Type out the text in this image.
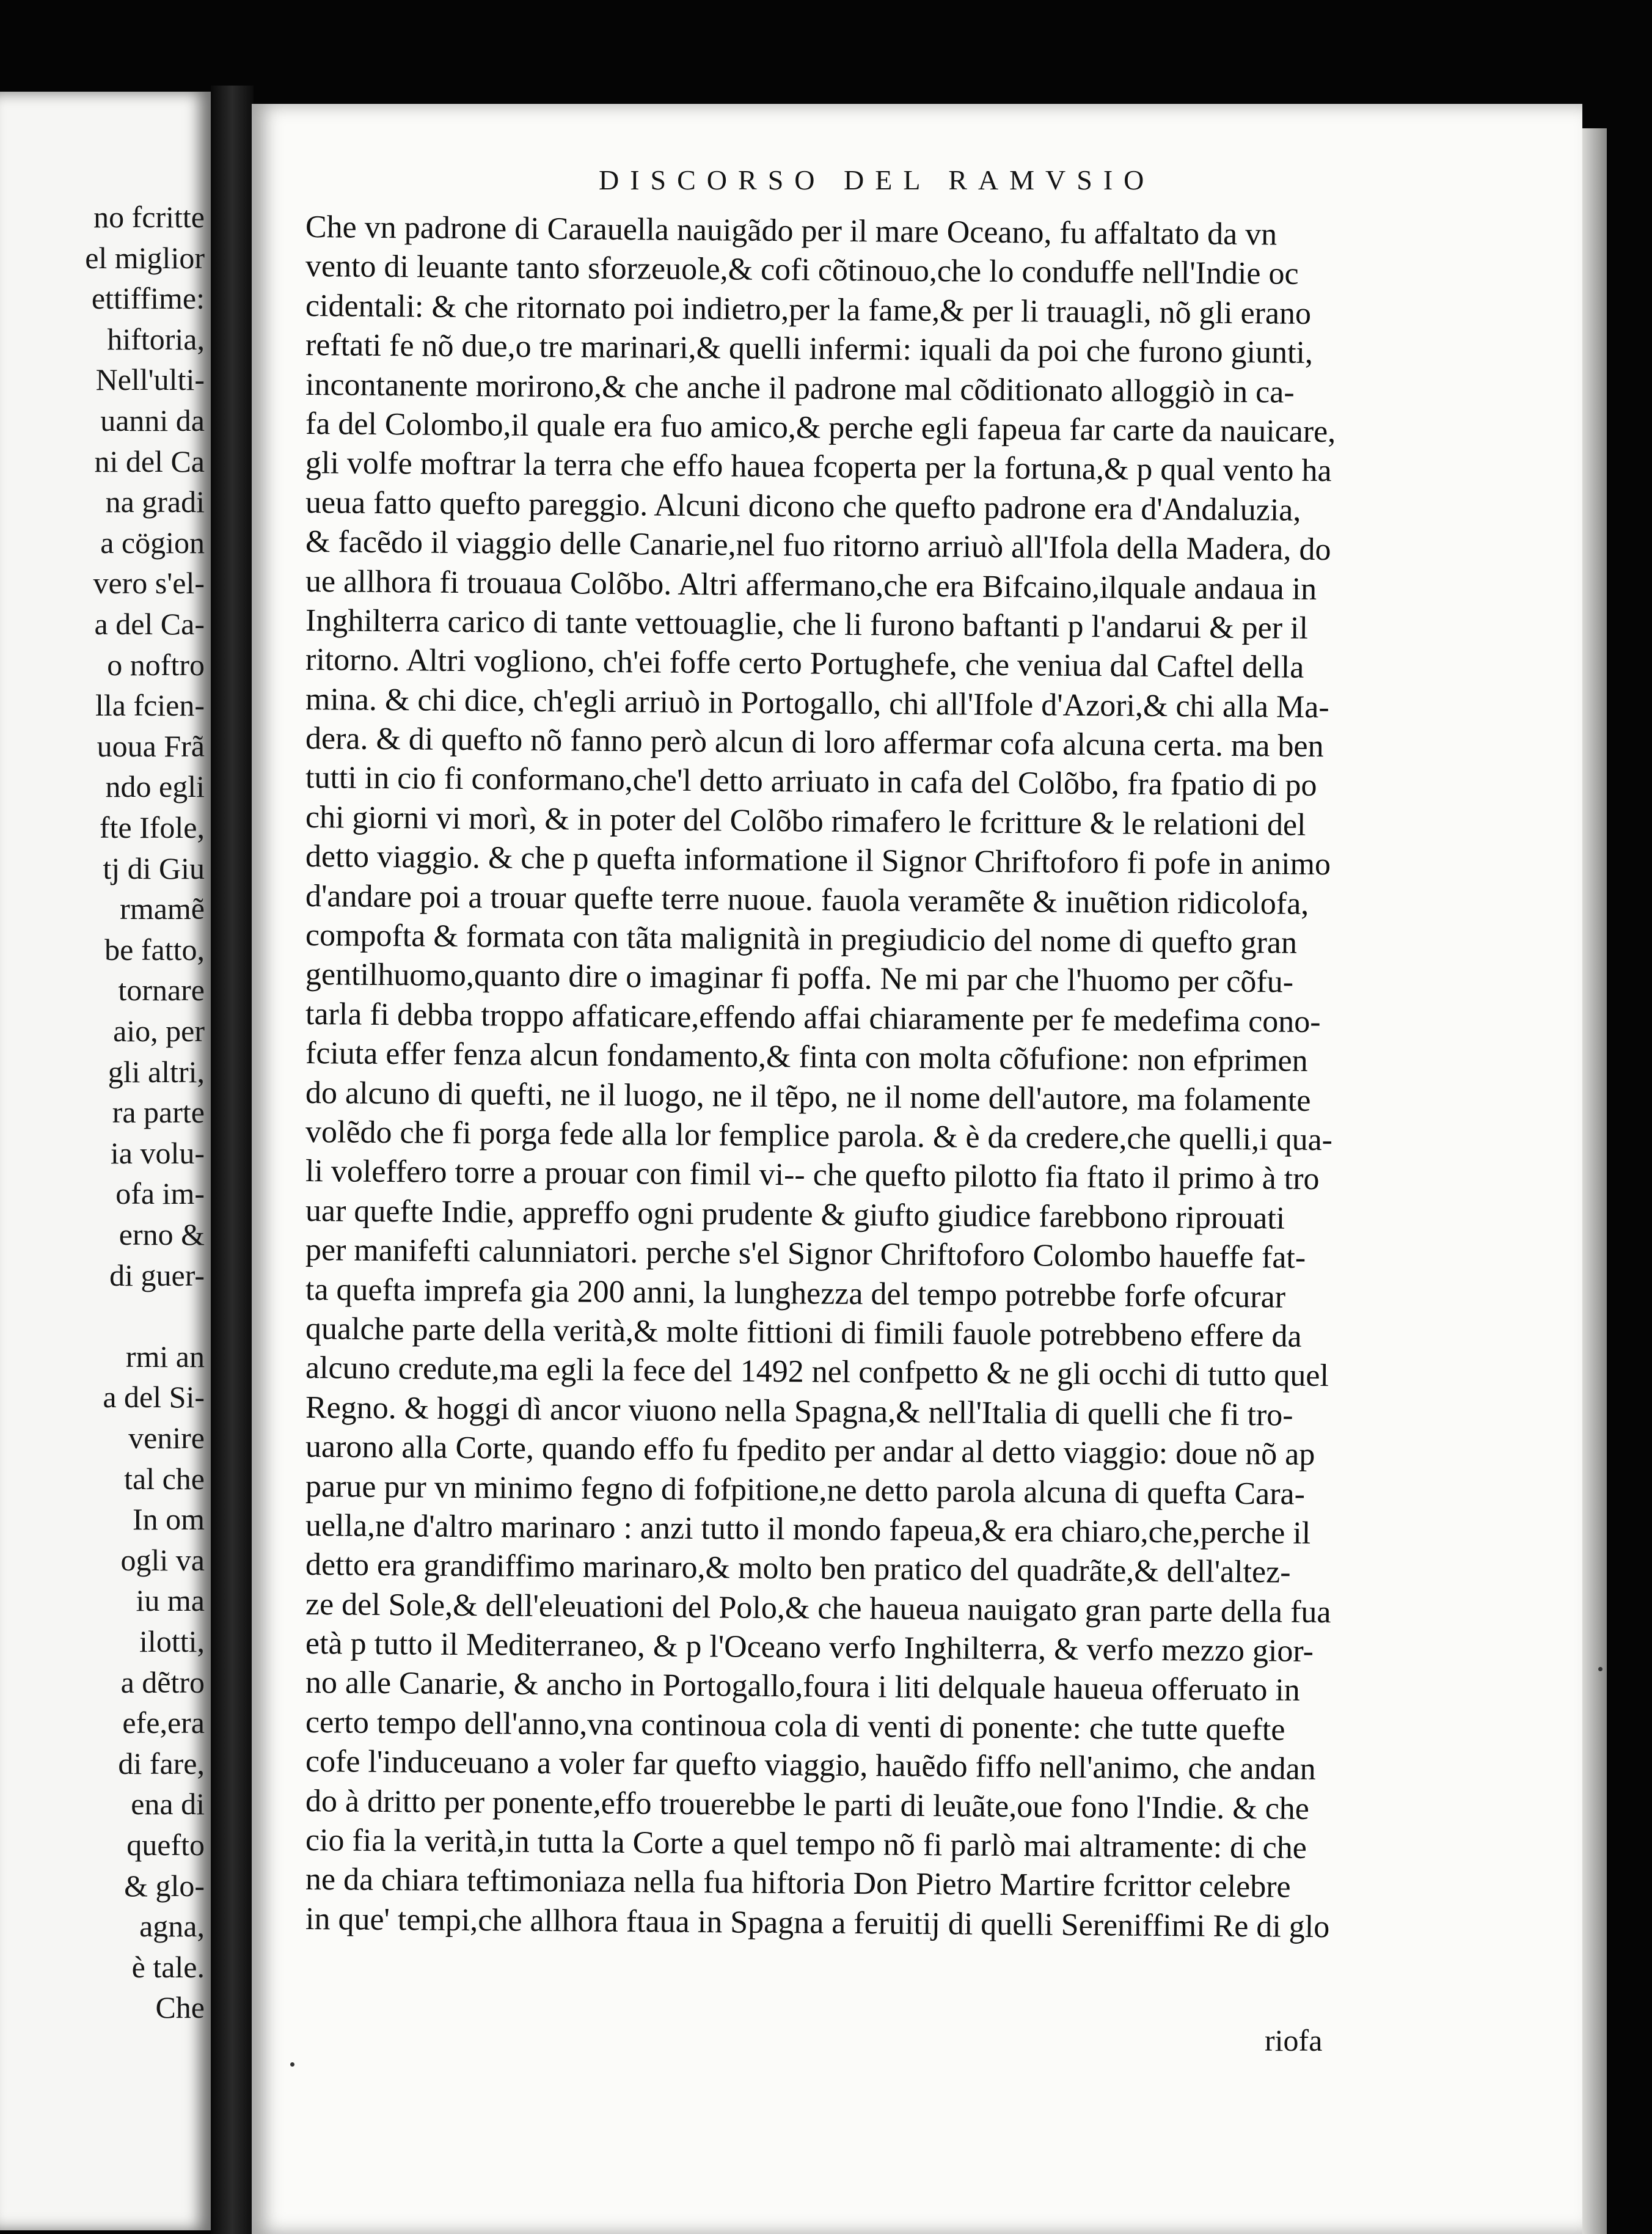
no fcritte
el miglior
ettiffime:
hiftoria,
Nell'ulti-
uanni da
ni del Ca
na gradi
a cögion
vero s'el-
a del Ca-
o noftro
lla fcien-
uoua Frã
ndo egli
fte Ifole,
tj di Giu
rmamẽ
be fatto,
tornare
aio, per
gli altri,
ra parte
ia volu-
ofa im-
erno &
di guer-
rmi an
a del Si-
venire
tal che
In om
ogli va
iu ma
ilotti,
a dẽtro
efe,era
di fare,
ena di
quefto
& glo-
agna,
è tale.
Che
DISCORSO DEL RAMVSIO
Che vn padrone di Carauella nauigãdo per il mare Oceano, fu affaltato da vn
vento di leuante tanto sforzeuole,& cofi cõtinouo,che lo conduffe nell'Indie oc
cidentali: & che ritornato poi indietro,per la fame,& per li trauagli, nõ gli erano
reftati fe nõ due,o tre marinari,& quelli infermi: iquali da poi che furono giunti,
incontanente morirono,& che anche il padrone mal cõditionato alloggiò in ca-
fa del Colombo,il quale era fuo amico,& perche egli fapeua far carte da nauicare,
gli volfe moftrar la terra che effo haueа fcoperta per la fortuna,& p qual vento ha
ueua fatto quefto pareggio. Alcuni dicono che quefto padrone era d'Andaluzia,
& facẽdo il viaggio delle Canarie,nel fuo ritorno arriuò all'Ifola della Madera, do
ue allhora fi trouaua Colõbo. Altri affermano,che era Bifcaino,ilquale andaua in
Inghilterra carico di tante vettouaglie, che li furono baftanti p l'andarui & per il
ritorno. Altri vogliono, ch'ei foffe certo Portughefe, che veniua dal Caftel della
mina. & chi dice, ch'egli arriuò in Portogallo, chi all'Ifole d'Azori,& chi alla Ma-
dera. & di quefto nõ fanno però alcun di loro affermar cofa alcuna certa. ma ben
tutti in cio fi conformano,che'l detto arriuato in cafa del Colõbo, fra fpatio di po
chi giorni vi morì, & in poter del Colõbo rimafero le fcritture & le relationi del
detto viaggio. & che p quefta informatione il Signor Chriftoforo fi pofe in animo
d'andare poi a trouar quefte terre nuoue. fauola veramẽte & inuẽtion ridicolofa,
compofta & formata con tãta malignità in pregiudicio del nome di quefto gran
gentilhuomo,quanto dire o imaginar fi poffa. Ne mi par che l'huomo per cõfu-
tarla fi debba troppo affaticare,effendo affai chiaramente per fe medefima cono-
fciuta effer fenza alcun fondamento,& finta con molta cõfufione: non efprimen
do alcuno di quefti, ne il luogo, ne il tẽpo, ne il nome dell'autore, ma folamente
volẽdo che fi porga fede alla lor femplice parola. & è da credere,che quelli,i qua-
li voleffero torre a prouar con fimil vi-- che quefto pilotto fia ftato il primo à tro
uar quefte Indie, appreffo ogni prudente & giufto giudice farebbono riprouati
per manifefti calunniatori. perche s'el Signor Chriftoforo Colombo haueffe fat-
ta quefta imprefa gia 200 anni, la lunghezza del tempo potrebbe forfe ofcurar
qualche parte della verità,& molte fittioni di fimili fauole potrebbeno effere da
alcuno credute,ma egli la fece del 1492 nel confpetto & ne gli occhi di tutto quel
Regno. & hoggi dì ancor viuono nella Spagna,& nell'Italia di quelli che fi tro-
uarono alla Corte, quando effo fu fpedito per andar al detto viaggio: doue nõ ap
parue pur vn minimo fegno di fofpitione,ne detto parola alcuna di quefta Cara-
uella,ne d'altro marinaro : anzi tutto il mondo fapeua,& era chiaro,che,perche il
detto era grandiffimo marinaro,& molto ben pratico del quadrãte,& dell'altez-
ze del Sole,& dell'eleuationi del Polo,& che haueua nauigato gran parte della fua
età p tutto il Mediterraneo, & p l'Oceano verfo Inghilterra, & verfo mezzo gior-
no alle Canarie, & ancho in Portogallo,foura i liti delquale haueua offeruato in
certo tempo dell'anno,vna continoua cola di venti di ponente: che tutte quefte
cofe l'induceuano a voler far quefto viaggio, hauẽdo fiffo nell'animo, che andan
do à dritto per ponente,effo trouerebbe le parti di leuãte,oue fono l'Indie. & che
cio fia la verità,in tutta la Corte a quel tempo nõ fi parlò mai altramente: di che
ne da chiara teftimoniaza nella fua hiftoria Don Pietro Martire fcrittor celebre
in que' tempi,che allhora ftaua in Spagna a feruitij di quelli Sereniffimi Re di glo
riofa
